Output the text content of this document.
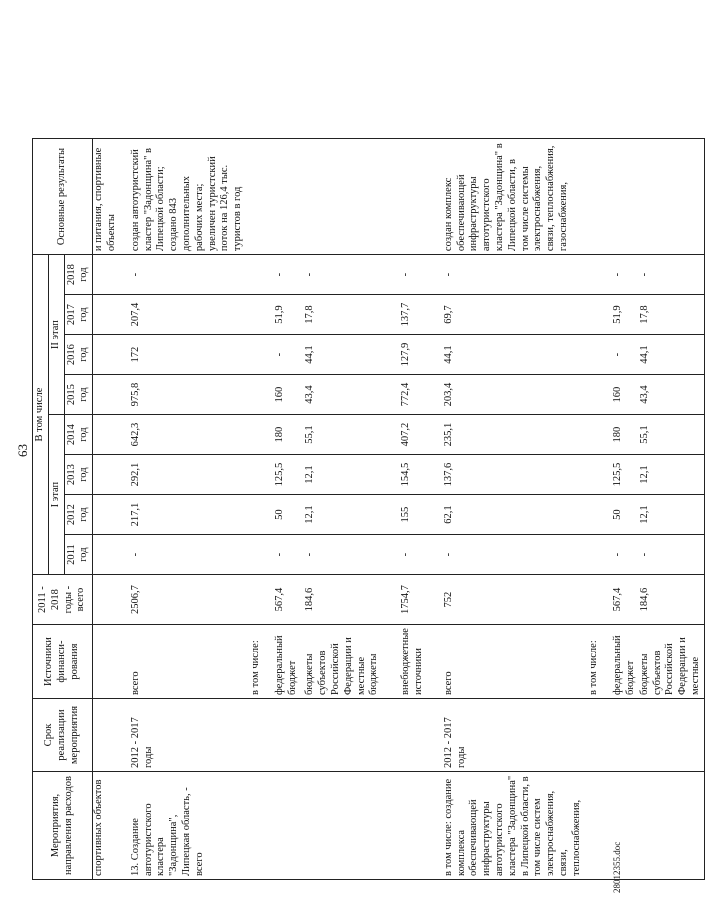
63
Мероприятия, направления расходов	Срок реализации мероприятия	Источники финанси-рования	2011 - 2018 годы - всего	В том числе								Основные результаты
				I этап				II этап				
				2011 год	2012 год	2013 год	2014 год	2015 год	2016 год	2017 год	2018 год	
спортивных объектов												и питания, спортивные объекты
13. Создание автотуристского кластера "Задонщина", Липецкая область, - всего	2012 - 2017 годы	всего	2506,7	-	217,1	292,1	642,3	975,8	172	207,4	-	создан автотуристский кластер "Задонщина" в Липецкой области; создано 843 дополнительных рабочих места; увеличен туристский поток на 126,4 тыс. туристов в год
		в том числе:										
		федеральный бюджет	567,4	-	50	125,5	180	160	-	51,9	-	
		бюджеты субъектов Российской Федерации и местные бюджеты	184,6	-	12,1	12,1	55,1	43,4	44,1	17,8	-	
		внебюджетные источники	1754,7	-	155	154,5	407,2	772,4	127,9	137,7	-	
в том числе: создание комплекса обеспечивающей инфраструктуры автотуристского кластера "Задонщина" в Липецкой области, в том числе систем электроснабжения, связи, теплоснабжения,	2012 - 2017 годы	всего	752	-	62,1	137,6	235,1	203,4	44,1	69,7	-	создан комплекс обеспечивающей инфраструктуры автотуристского кластера "Задонщина" в Липецкой области, в том числе системы электроснабжения, связи, теплоснабжения, газоснабжения,
		в том числе:										
		федеральный бюджет	567,4	-	50	125,5	180	160	-	51,9	-	
		бюджеты субъектов Российской Федерации и местные	184,6	-	12,1	12,1	55,1	43,4	44,1	17,8	-	
28012355.doc
